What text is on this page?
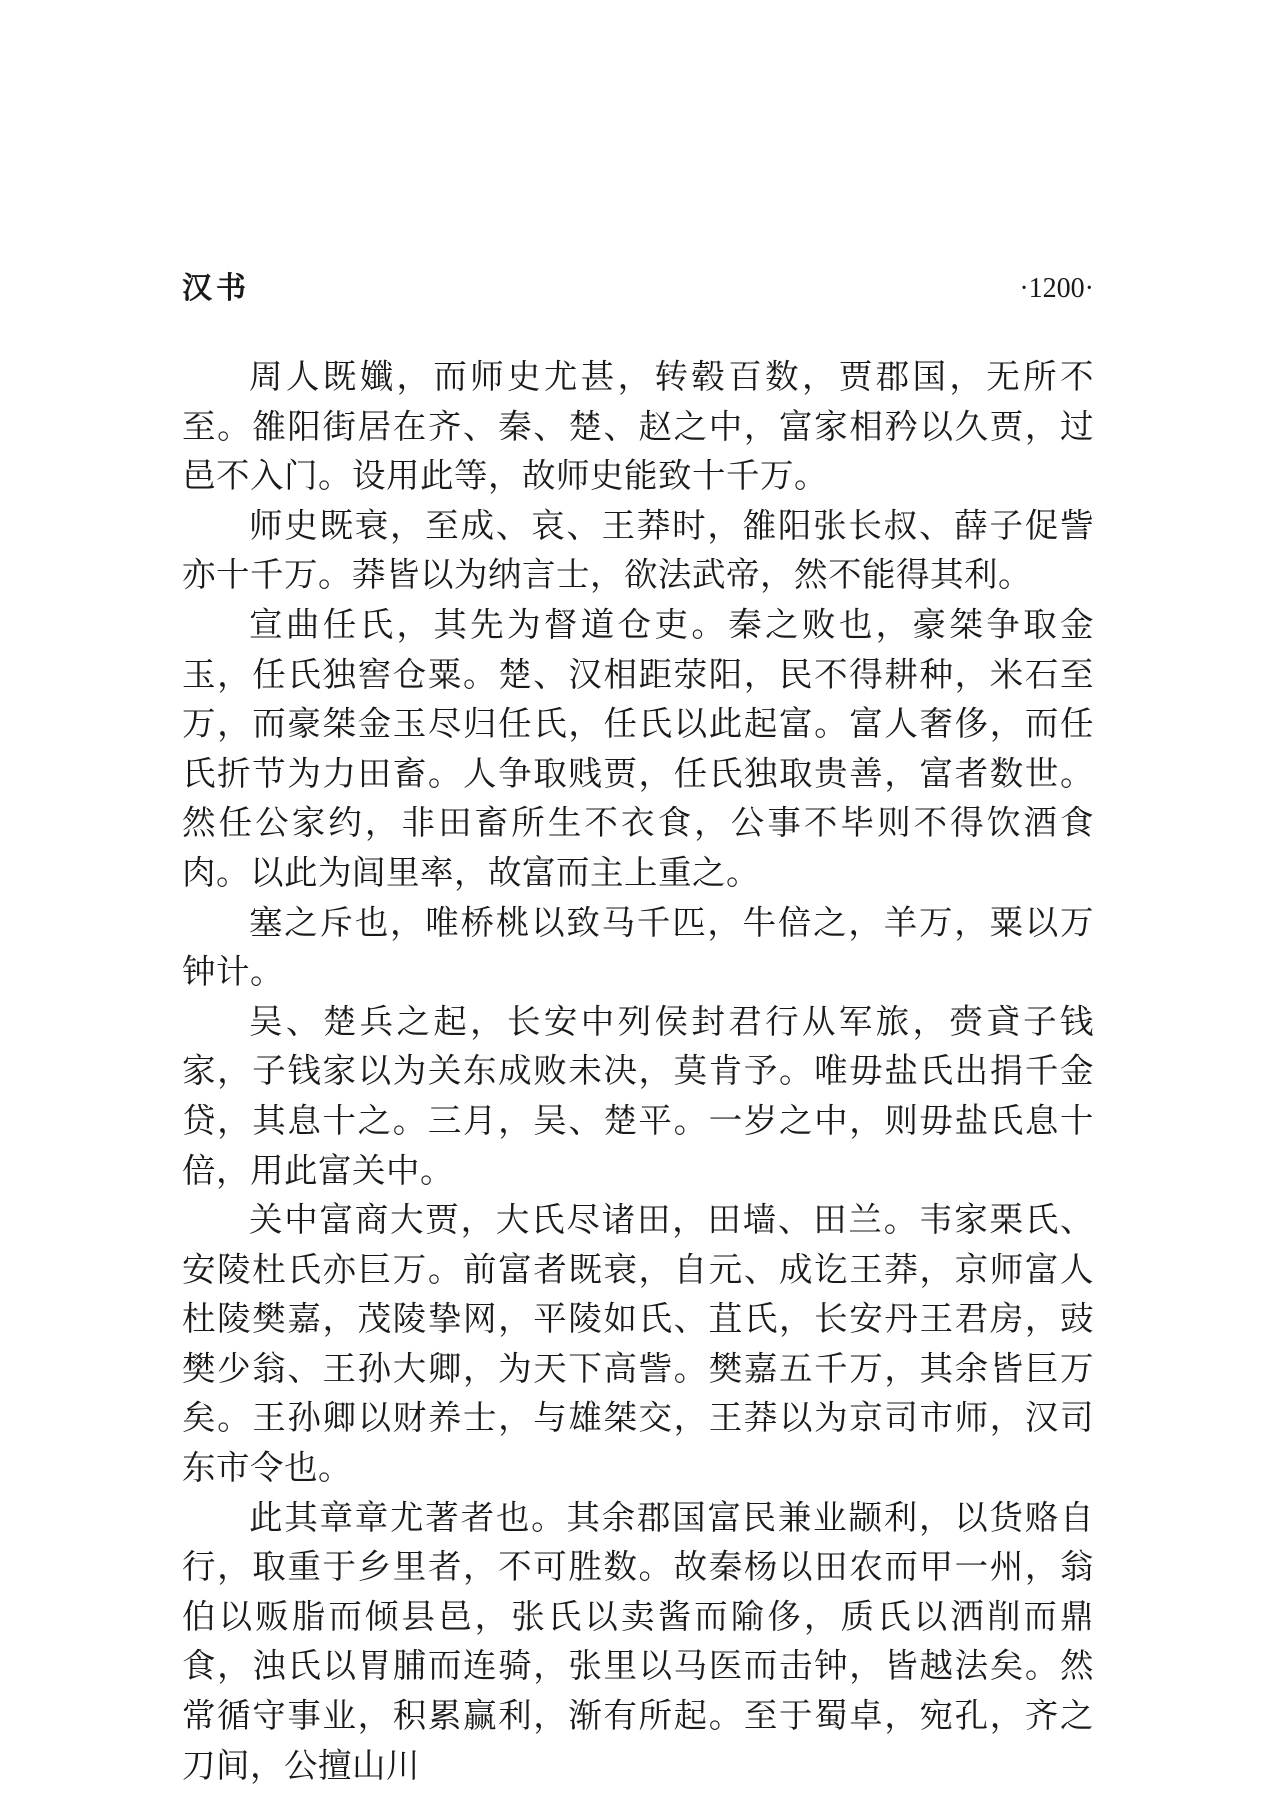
汉书	·1200·

周人既孅，而师史尤甚，转毂百数，贾郡国，无所不至。雒阳街居在齐、秦、楚、赵之中，富家相矜以久贾，过邑不入门。设用此等，故师史能致十千万。

师史既衰，至成、哀、王莽时，雒阳张长叔、薛子促訾亦十千万。莽皆以为纳言士，欲法武帝，然不能得其利。

宣曲任氏，其先为督道仓吏。秦之败也，豪桀争取金玉，任氏独窖仓粟。楚、汉相距荥阳，民不得耕种，米石至万，而豪桀金玉尽归任氏，任氏以此起富。富人奢侈，而任氏折节为力田畜。人争取贱贾，任氏独取贵善，富者数世。然任公家约，非田畜所生不衣食，公事不毕则不得饮酒食肉。以此为闾里率，故富而主上重之。

塞之斥也，唯桥桃以致马千匹，牛倍之，羊万，粟以万钟计。

吴、楚兵之起，长安中列侯封君行从军旅，赍貣子钱家，子钱家以为关东成败未决，莫肯予。唯毋盐氏出捐千金贷，其息十之。三月，吴、楚平。一岁之中，则毋盐氏息十倍，用此富关中。

关中富商大贾，大氏尽诸田，田墙、田兰。韦家栗氏、安陵杜氏亦巨万。前富者既衰，自元、成讫王莽，京师富人杜陵樊嘉，茂陵挚网，平陵如氏、苴氏，长安丹王君房，豉樊少翁、王孙大卿，为天下高訾。樊嘉五千万，其余皆巨万矣。王孙卿以财养士，与雄桀交，王莽以为京司市师，汉司东市令也。

此其章章尤著者也。其余郡国富民兼业颛利，以货赂自行，取重于乡里者，不可胜数。故秦杨以田农而甲一州，翁伯以贩脂而倾县邑，张氏以卖酱而隃侈，质氏以洒削而鼎食，浊氏以胃脯而连骑，张里以马医而击钟，皆越法矣。然常循守事业，积累赢利，渐有所起。至于蜀卓，宛孔，齐之刀间，公擅山川
